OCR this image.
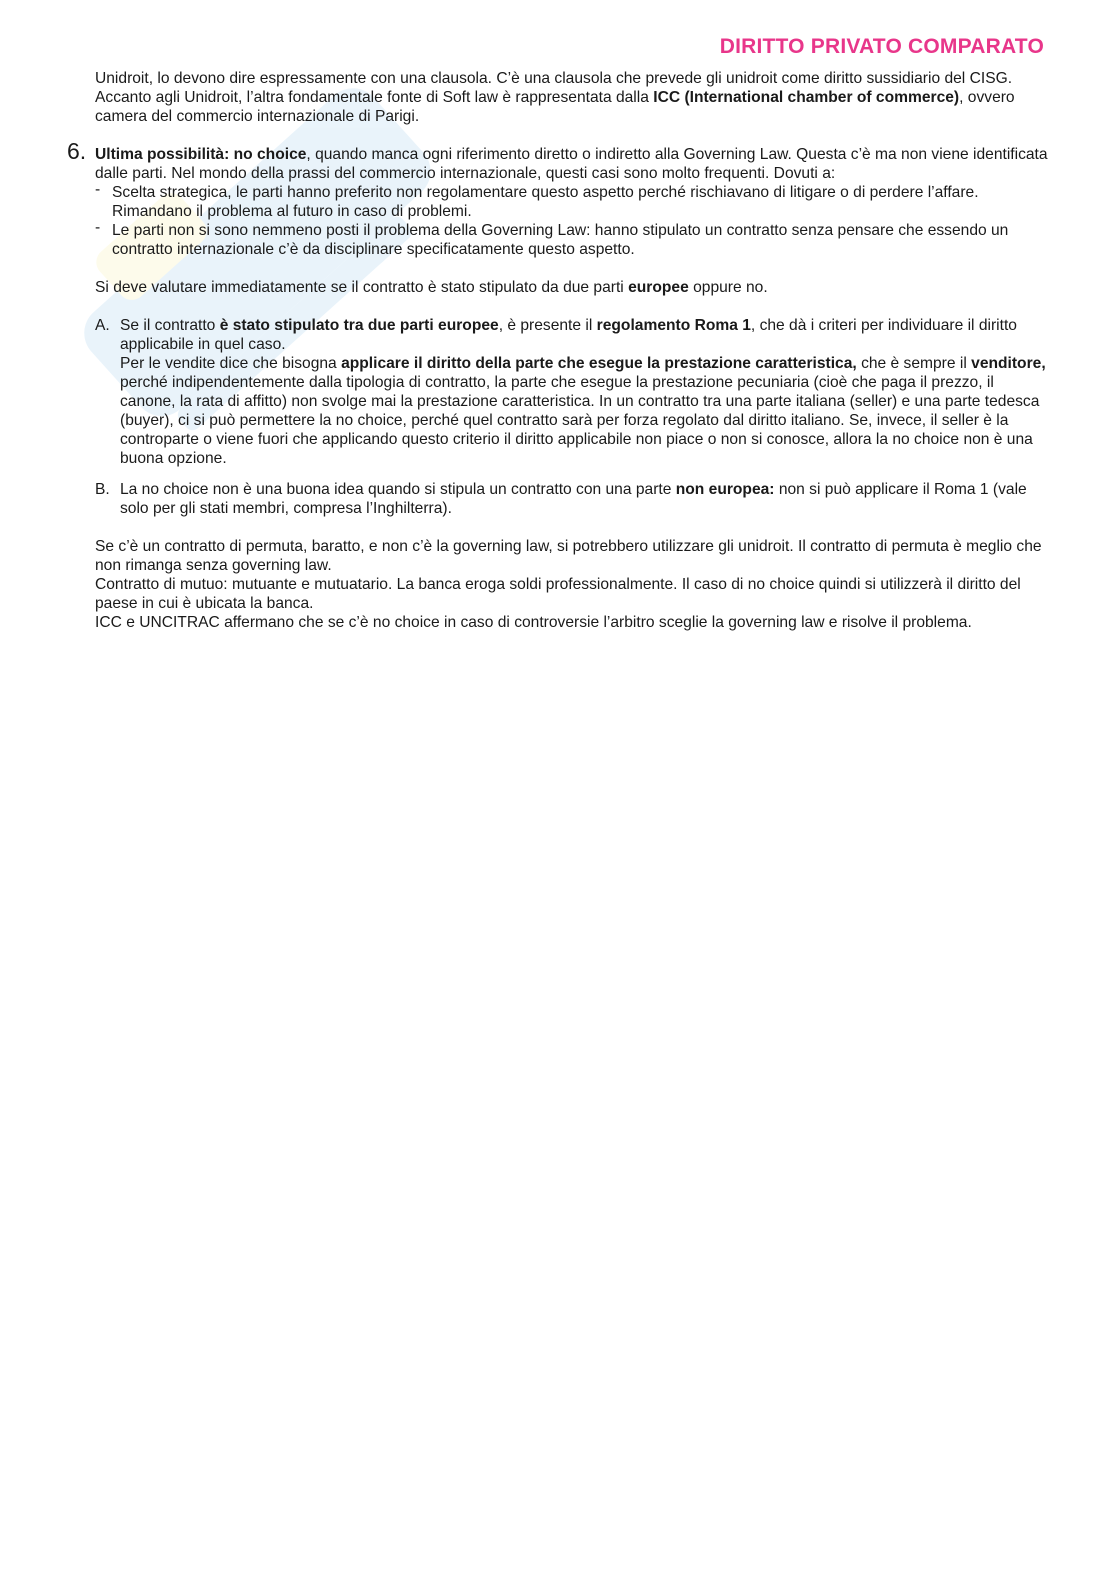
DIRITTO PRIVATO COMPARATO

Unidroit, lo devono dire espressamente con una clausola. C’è una clausola che prevede gli unidroit come diritto sussidiario del CISG. Accanto agli Unidroit, l’altra fondamentale fonte di Soft law è rappresentata dalla ICC (International chamber of commerce), ovvero camera del commercio internazionale di Parigi.

6. Ultima possibilità: no choice, quando manca ogni riferimento diretto o indiretto alla Governing Law. Questa c’è ma non viene identificata dalle parti. Nel mondo della prassi del commercio internazionale, questi casi sono molto frequenti. Dovuti a:

- Scelta strategica, le parti hanno preferito non regolamentare questo aspetto perché rischiavano di litigare o di perdere l’affare. Rimandano il problema al futuro in caso di problemi.
- Le parti non si sono nemmeno posti il problema della Governing Law: hanno stipulato un contratto senza pensare che essendo un contratto internazionale c’è da disciplinare specificatamente questo aspetto.

Si deve valutare immediatamente se il contratto è stato stipulato da due parti europee oppure no.

A. Se il contratto è stato stipulato tra due parti europee, è presente il regolamento Roma 1, che dà i criteri per individuare il diritto applicabile in quel caso.

Per le vendite dice che bisogna applicare il diritto della parte che esegue la prestazione caratteristica, che è sempre il venditore, perché indipendentemente dalla tipologia di contratto, la parte che esegue la prestazione pecuniaria (cioè che paga il prezzo, il canone, la rata di affitto) non svolge mai la prestazione caratteristica. In un contratto tra una parte italiana (seller) e una parte tedesca (buyer), ci si può permettere la no choice, perché quel contratto sarà per forza regolato dal diritto italiano. Se, invece, il seller è la controparte o viene fuori che applicando questo criterio il diritto applicabile non piace o non si conosce, allora la no choice non è una buona opzione.

B. La no choice non è una buona idea quando si stipula un contratto con una parte non europea: non si può applicare il Roma 1 (vale solo per gli stati membri, compresa l’Inghilterra).

Se c’è un contratto di permuta, baratto, e non c’è la governing law, si potrebbero utilizzare gli unidroit. Il contratto di permuta è meglio che non rimanga senza governing law.

Contratto di mutuo: mutuante e mutuatario. La banca eroga soldi professionalmente. Il caso di no choice quindi si utilizzerà il diritto del paese in cui è ubicata la banca.

ICC e UNCITRAC affermano che se c’è no choice in caso di controversie l’arbitro sceglie la governing law e risolve il problema.
